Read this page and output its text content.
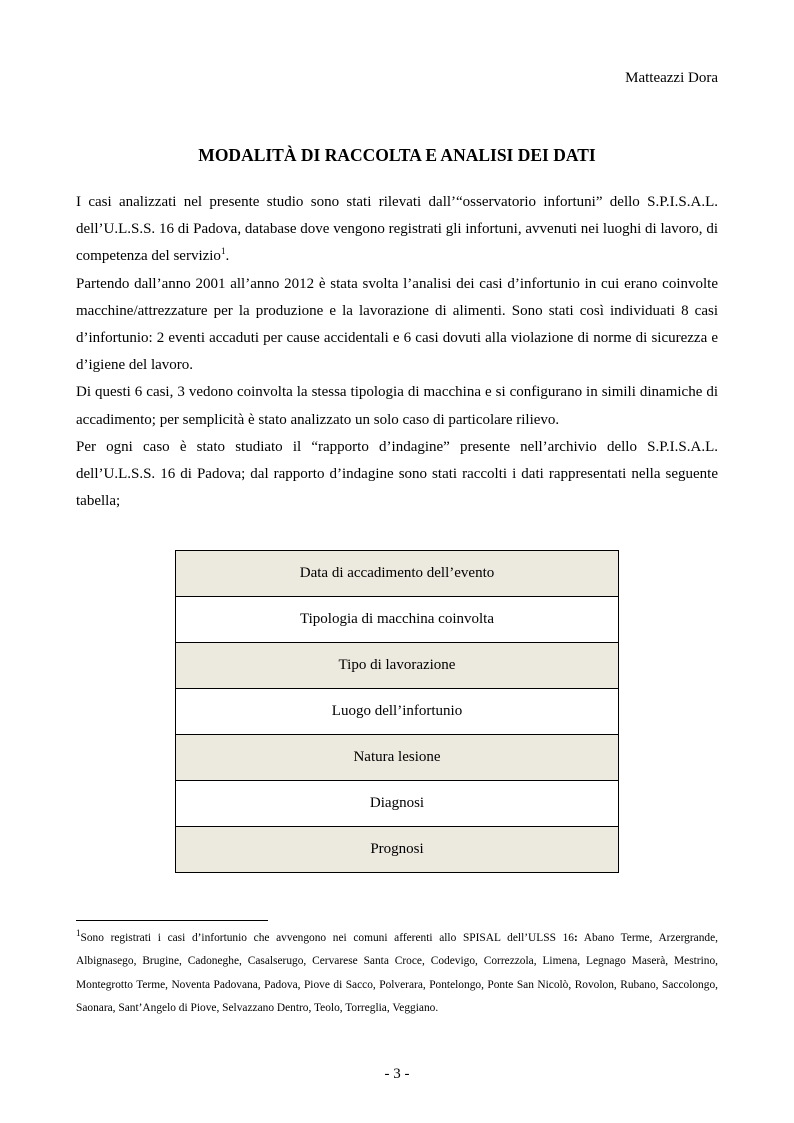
Matteazzi Dora
MODALITÀ DI RACCOLTA E ANALISI DEI DATI

I casi analizzati nel presente studio sono stati rilevati dall’“osservatorio infortuni” dello S.P.I.S.A.L. dell’U.L.S.S. 16 di Padova, database dove vengono registrati gli infortuni, avvenuti nei luoghi di lavoro, di competenza del servizio$^1$.

Partendo dall’anno 2001 all’anno 2012 è stata svolta l’analisi dei casi d’infortunio in cui erano coinvolte macchine/attrezzature per la produzione e la lavorazione di alimenti. Sono stati così individuati 8 casi d’infortunio: 2 eventi accaduti per cause accidentali e 6 casi dovuti alla violazione di norme di sicurezza e d’igiene del lavoro.

Di questi 6 casi, 3 vedono coinvolta la stessa tipologia di macchina e si configurano in simili dinamiche di accadimento; per semplicità è stato analizzato un solo caso di particolare rilievo.

Per ogni caso è stato studiato il “rapporto d’indagine” presente nell’archivio dello S.P.I.S.A.L. dell’U.L.S.S. 16 di Padova; dal rapporto d’indagine sono stati raccolti i dati rappresentati nella seguente tabella;

Data di accadimento dell’evento
Tipologia di macchina coinvolta
Tipo di lavorazione
Luogo dell’infortunio
Natura lesione
Diagnosi
Prognosi
$^1$Sono registrati i casi d’infortunio che avvengono nei comuni afferenti allo SPISAL dell’ULSS 16: Abano Terme, Arzergrande, Albignasego, Brugine, Cadoneghe, Casalserugo, Cervarese Santa Croce, Codevigo, Correzzola, Limena, Legnago Maserà, Mestrino, Montegrotto Terme, Noventa Padovana, Padova, Piove di Sacco, Polverara, Pontelongo, Ponte San Nicolò, Rovolon, Rubano, Saccolongo, Saonara, Sant’Angelo di Piove, Selvazzano Dentro, Teolo, Torreglia, Veggiano.
- 3 -
